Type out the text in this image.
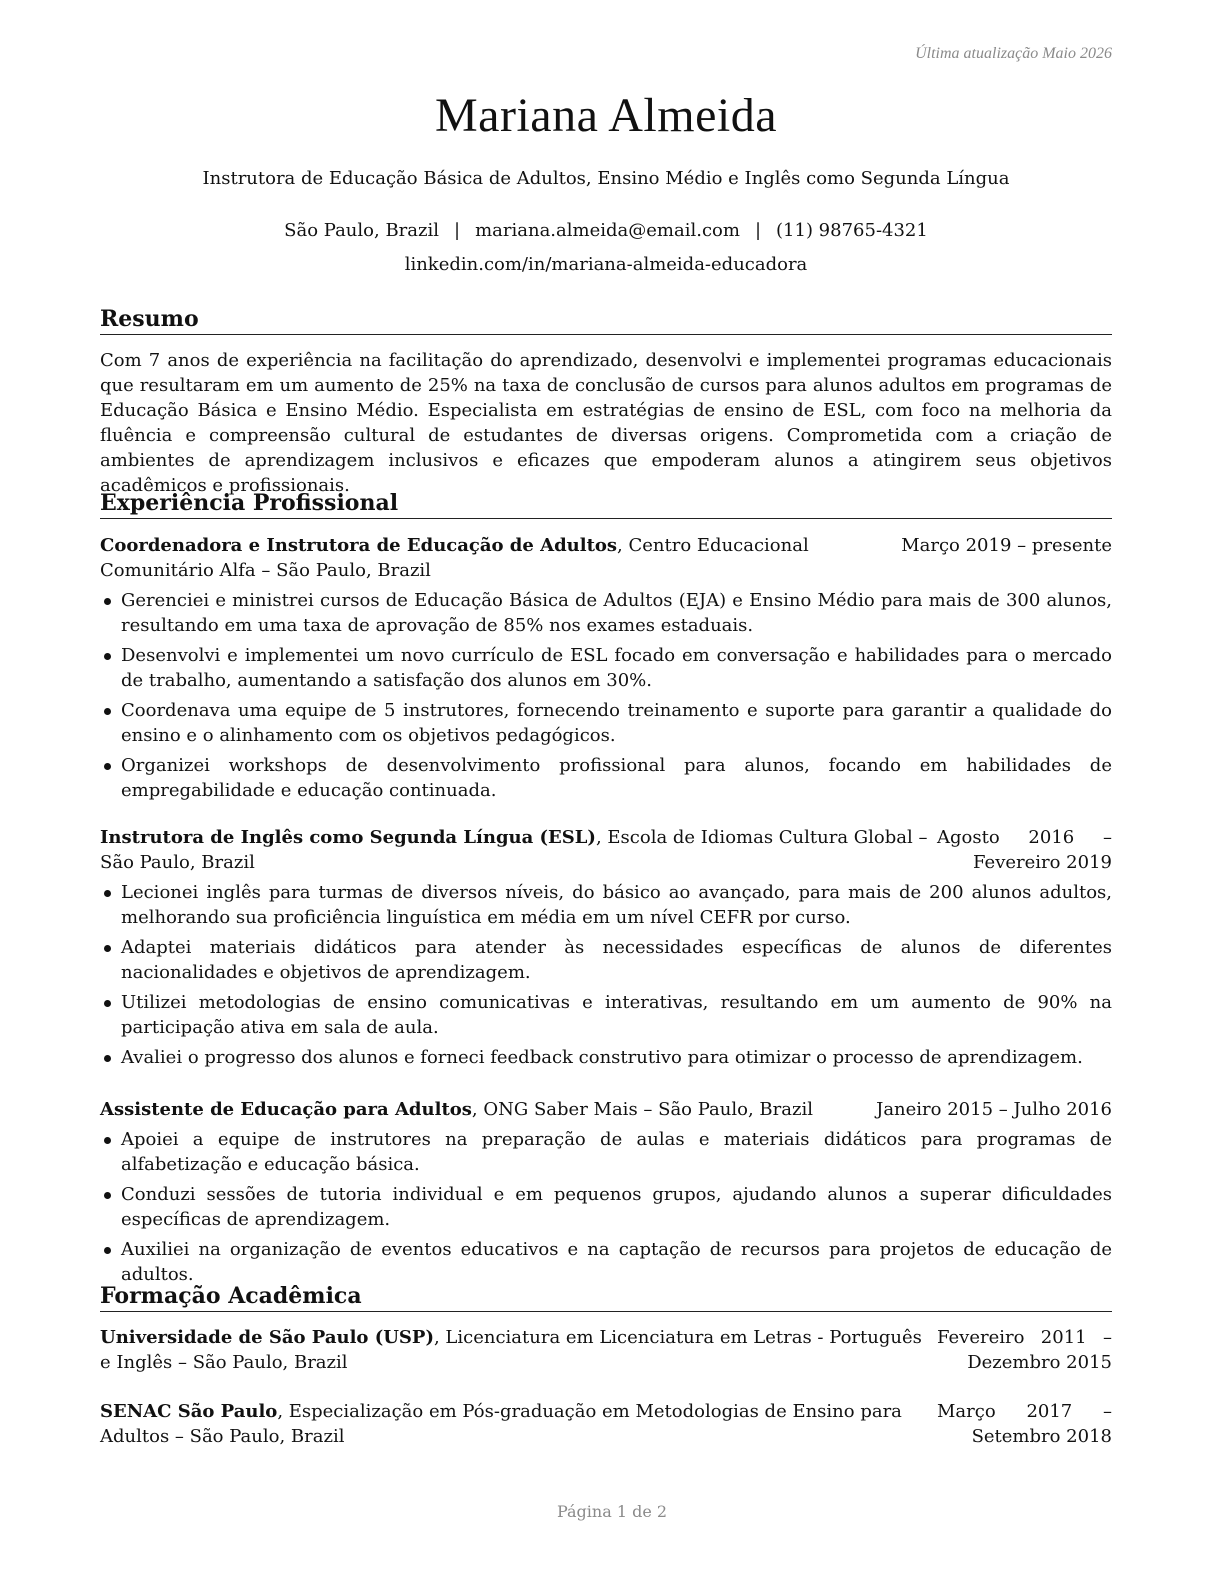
Última atualização Maio 2026
Mariana Almeida
Instrutora de Educação Básica de Adultos, Ensino Médio e Inglês como Segunda Língua
São Paulo, Brazil | mariana.almeida@email.com | (11) 98765-4321
linkedin.com/in/mariana-almeida-educadora
Resumo
Com 7 anos de experiência na facilitação do aprendizado, desenvolvi e implementei programas educacionais que resultaram em um aumento de 25% na taxa de conclusão de cursos para alunos adultos em programas de Educação Básica e Ensino Médio. Especialista em estratégias de ensino de ESL, com foco na melhoria da fluência e compreensão cultural de estudantes de diversas origens. Comprometida com a criação de ambientes de aprendizagem inclusivos e eficazes que empoderam alunos a atingirem seus objetivos acadêmicos e profissionais.
Experiência Profissional
Coordenadora e Instrutora de Educação de Adultos, Centro Educacional Comunitário Alfa – São Paulo, Brazil
Março 2019 – presente
Gerenciei e ministrei cursos de Educação Básica de Adultos (EJA) e Ensino Médio para mais de 300 alunos, resultando em uma taxa de aprovação de 85% nos exames estaduais.
Desenvolvi e implementei um novo currículo de ESL focado em conversação e habilidades para o mercado de trabalho, aumentando a satisfação dos alunos em 30%.
Coordenava uma equipe de 5 instrutores, fornecendo treinamento e suporte para garantir a qualidade do ensino e o alinhamento com os objetivos pedagógicos.
Organizei workshops de desenvolvimento profissional para alunos, focando em habilidades de empregabilidade e educação continuada.
Instrutora de Inglês como Segunda Língua (ESL), Escola de Idiomas Cultura Global – São Paulo, Brazil
Agosto 2016 – Fevereiro 2019
Lecionei inglês para turmas de diversos níveis, do básico ao avançado, para mais de 200 alunos adultos, melhorando sua proficiência linguística em média em um nível CEFR por curso.
Adaptei materiais didáticos para atender às necessidades específicas de alunos de diferentes nacionalidades e objetivos de aprendizagem.
Utilizei metodologias de ensino comunicativas e interativas, resultando em um aumento de 90% na participação ativa em sala de aula.
Avaliei o progresso dos alunos e forneci feedback construtivo para otimizar o processo de aprendizagem.
Assistente de Educação para Adultos, ONG Saber Mais – São Paulo, Brazil	Janeiro 2015 – Julho 2016
Apoiei a equipe de instrutores na preparação de aulas e materiais didáticos para programas de alfabetização e educação básica.
Conduzi sessões de tutoria individual e em pequenos grupos, ajudando alunos a superar dificuldades específicas de aprendizagem.
Auxiliei na organização de eventos educativos e na captação de recursos para projetos de educação de adultos.
Formação Acadêmica
Universidade de São Paulo (USP), Licenciatura em Licenciatura em Letras - Português e Inglês – São Paulo, Brazil
Fevereiro 2011 – Dezembro 2015
SENAC São Paulo, Especialização em Pós-graduação em Metodologias de Ensino para Adultos – São Paulo, Brazil
Março 2017 – Setembro 2018
Página 1 de 2
